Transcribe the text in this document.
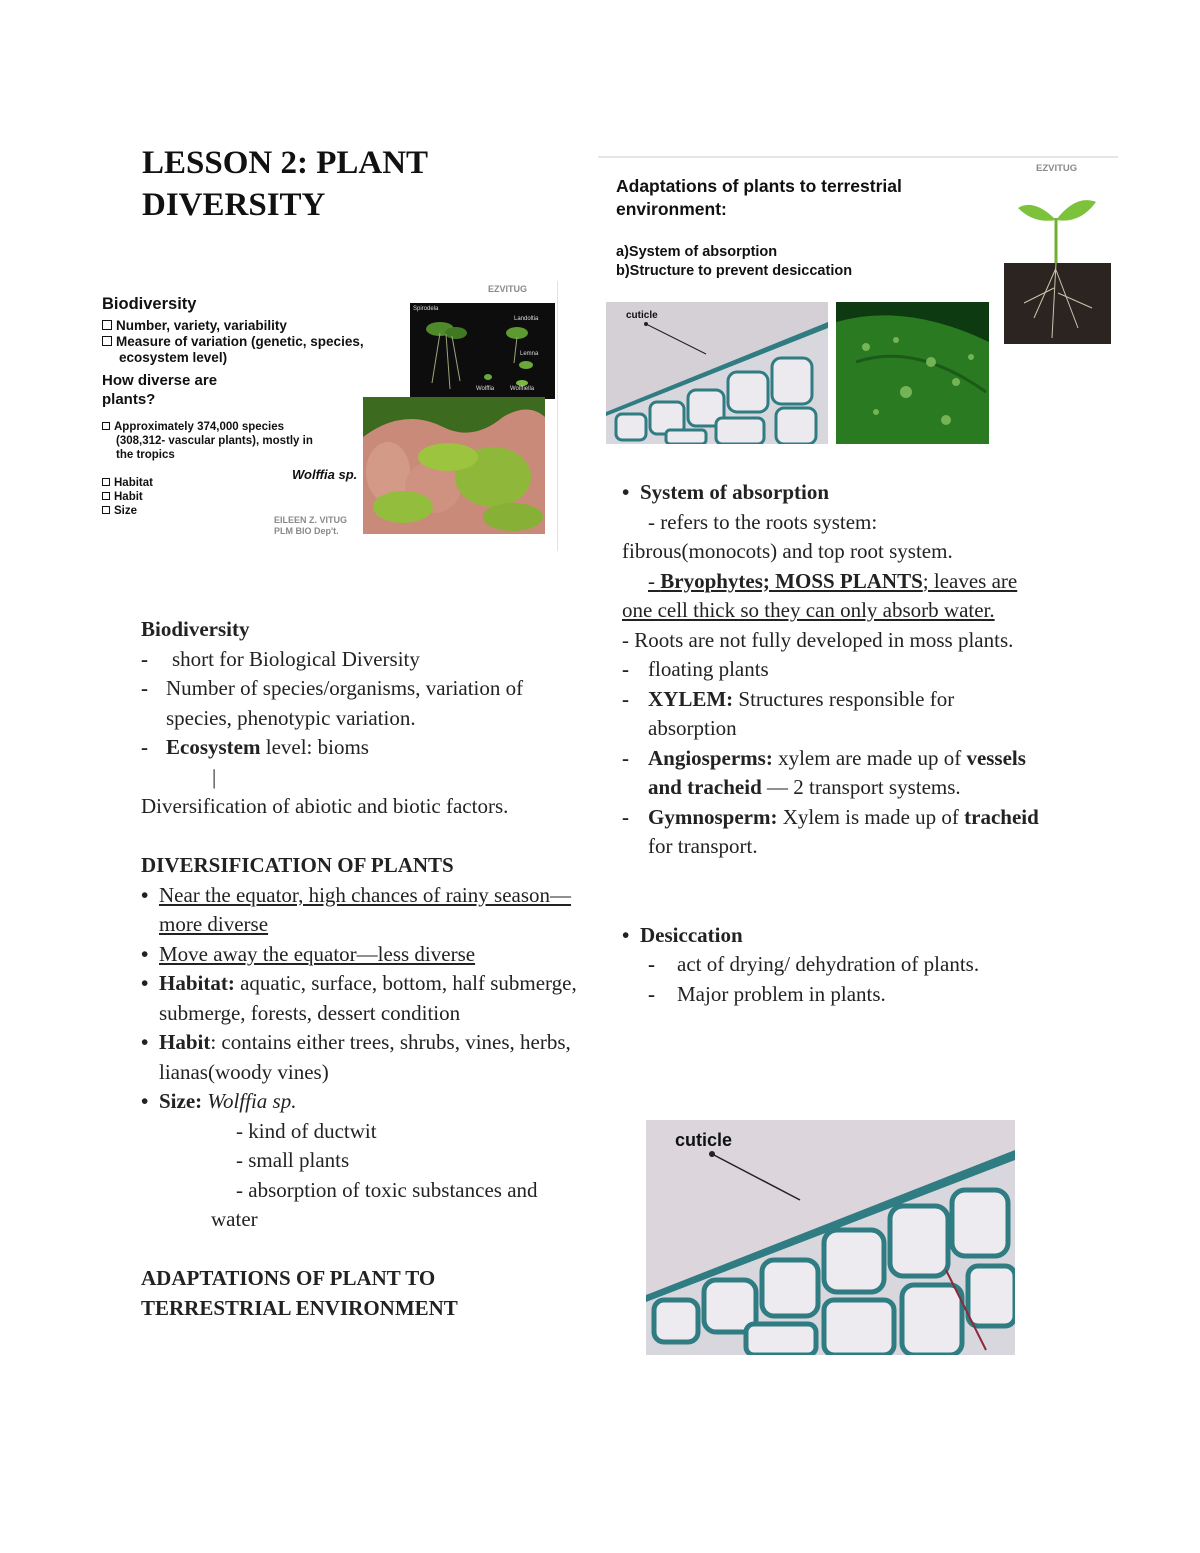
LESSON 2: PLANT DIVERSITY
EZVITUG
Biodiversity
Number, variety, variability
Measure of variation (genetic, species, ecosystem level)
How diverse are plants?
Approximately 374,000 species (308,312- vascular plants), mostly in the tropics
Habitat
Habit
Size
Wolffia sp.
EILEEN Z. VITUG
PLM BIO Dep't.
Spirodela
Landoltia
Lemna
Wolffia	Wolffiella
EZVITUG
Adaptations of plants to terrestrial environment:
a)System of absorption
b)Structure to prevent desiccation
cuticle
Biodiversity
- short for Biological Diversity
- Number of species/organisms, variation of species, phenotypic variation.
- Ecosystem level: bioms
|
Diversification of abiotic and biotic factors.
DIVERSIFICATION OF PLANTS
• Near the equator, high chances of rainy season— more diverse
• Move away the equator—less diverse
• Habitat: aquatic, surface, bottom, half submerge, submerge, forests, dessert condition
• Habit: contains either trees, shrubs, vines, herbs, lianas(woody vines)
• Size: Wolffia sp.
- kind of ductwit
- small plants
- absorption of toxic substances and
water
ADAPTATIONS OF PLANT TO TERRESTRIAL ENVIRONMENT
• System of absorption
- refers to the roots system:
fibrous(monocots) and top root system.
- Bryophytes; MOSS PLANTS; leaves are one cell thick so they can only absorb water.
- Roots are not fully developed in moss plants.
- floating plants
- XYLEM: Structures responsible for absorption
- Angiosperms: xylem are made up of vessels and tracheid — 2 transport systems.
- Gymnosperm: Xylem is made up of tracheid for transport.
• Desiccation
- act of drying/ dehydration of plants.
- Major problem in plants.
cuticle
